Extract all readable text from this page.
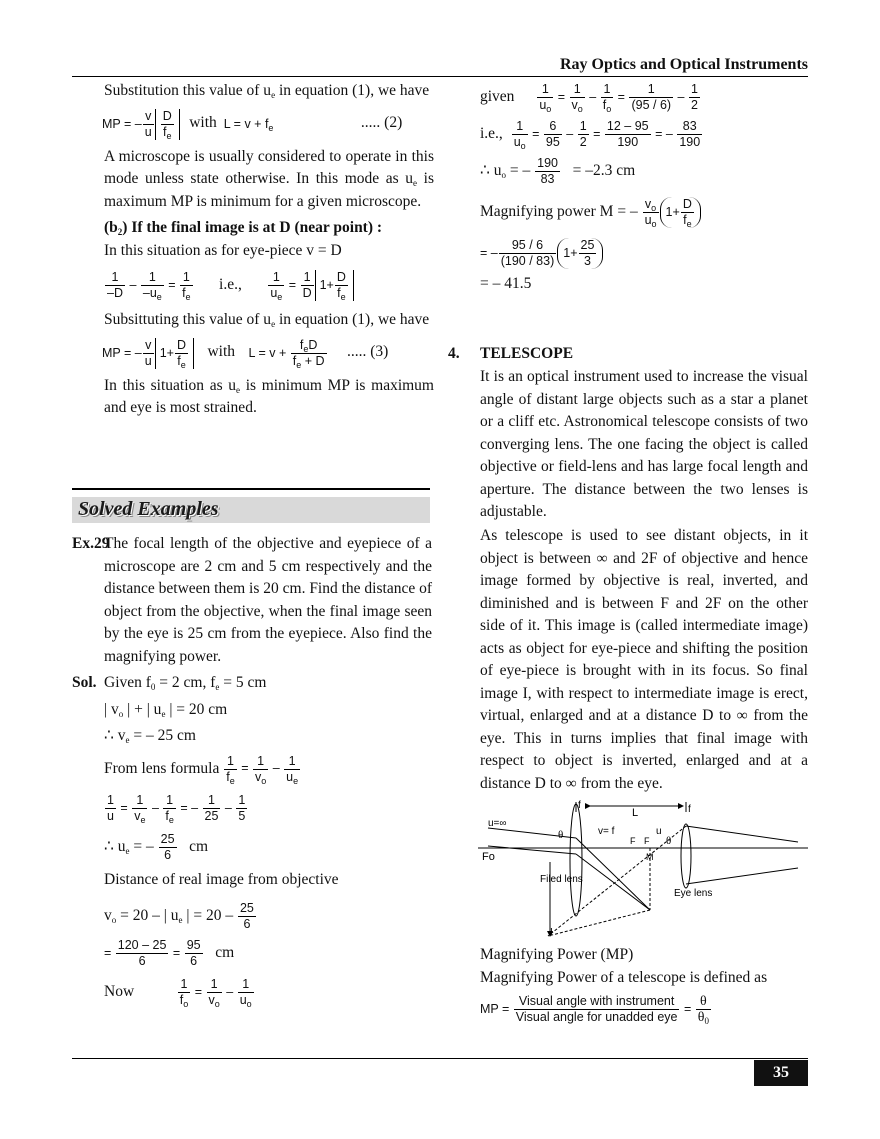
Ray Optics and Optical Instruments
Substitution this value of $u_e$ in equation (1), we have
MP = – $\frac{v}{u} \frac{D}{f_e}$ with  $L = v + f_e$	..... (2)
A microscope is usually considered to operate in this mode unless state otherwise. In this mode as $u_e$ is maximum MP is minimum for a given microscope.
$(b_2)$ If the final image is at D (near point) :
In this situation as for eye-piece v = D
$\frac{1}{-D} - \frac{1}{-u_e} = \frac{1}{f_e} i.e$., $\frac{1}{u_e} = \frac{1}{D} 1+ \frac{D}{f_e}$
Subsittuting this value of $u_e$ in equation (1), we have
MP = – $\frac{v}{u} 1+ \frac{D}{f_e}$ with $L = v + \frac{f_eD}{f_e + D}$ ..... (3)
In this situation as $u_e$ is minimum MP is maximum and eye is most strained.
Solved Examples
Ex.29
The focal length of the objective and eyepiece of a microscope are 2 cm and 5 cm respectively and the distance between them is 20 cm. Find the distance of object from the objective, when the final image seen by the eye is 25 cm from the eyepiece. Also find the magnifying power.
Sol. Given $f_0 = 2$ cm, $f_e = 5$ cm
| $v_o$ | + | $u_e$ | = 20 cm
∴ $v_e$ = – 25 cm
From lens formula $\frac{1}{f_e} = \frac{1}{v_o} - \frac{1}{u_e}$
$\frac{1}{u} = \frac{1}{v_e} - \frac{1}{f_e}$ = – $\frac{1}{25} - \frac{1}{5}$
∴ $u_e$ = – $\frac{25}{6}$ cm
Distance of real image from objective
$v_o = 20$ – | $u_e$ | = $20 - \frac{25}{6}$
= $\frac{120 - 25}{6} = \frac{95}{6}$ cm
Now	$\frac{1}{f_o} = \frac{1}{v_o} - \frac{1}{u_o}$
given $\frac{1}{u_o} = \frac{1}{v_o} - \frac{1}{f_o} = \frac{1}{(95 / 6)} - \frac{1}{2}$
i.e., $\frac{1}{u_o} = \frac{6}{95} - \frac{1}{2} = \frac{12 - 95}{190}$ = – $\frac{83}{190}$
∴ $u_o$ = – $\frac{190}{83} = -2.3$ cm
Magnifying power M = – $\frac{v_o}{u_o} 1+ \frac{D}{f_e}$
= – $\frac{95 / 6}{(190 / 83)} 1+ \frac{25}{3}$
= – 41.5
4. TELESCOPE
It is an optical instrument used to increase the visual angle of distant large objects such as a star a planet or a cliff etc. Astronomical telescope consists of two converging lens. The one facing the object is called objective or field-lens and has large focal length and aperture. The distance between the two lenses is adjustable.
As telescope is used to see distant objects, in it object is between ∞ and 2F of objective and hence image formed by objective is real, inverted, and diminished and is between F and 2F on the other side of it. This image is (called intermediate image) acts as object for eye-piece and shifting the position of eye-piece is brought with in its focus. So final image I, with respect to intermediate image is erect, virtual, enlarged and at a distance D to ∞ from the eye. This in turns implies that final image with respect to object is inverted, enlarged and at a distance D to ∞ from the eye.
u=∞
f	f
L
v= f	u
Fo
F F
M
θ	θ
Filed lens
Eye lens
I
Magnifying Power (MP)
Magnifying Power of a telescope is defined as
MP = $\frac{\text{Visual angle with instrument}}{\text{Visual angle for unadded eye}} = \frac{\theta}{\theta_0}$
35
